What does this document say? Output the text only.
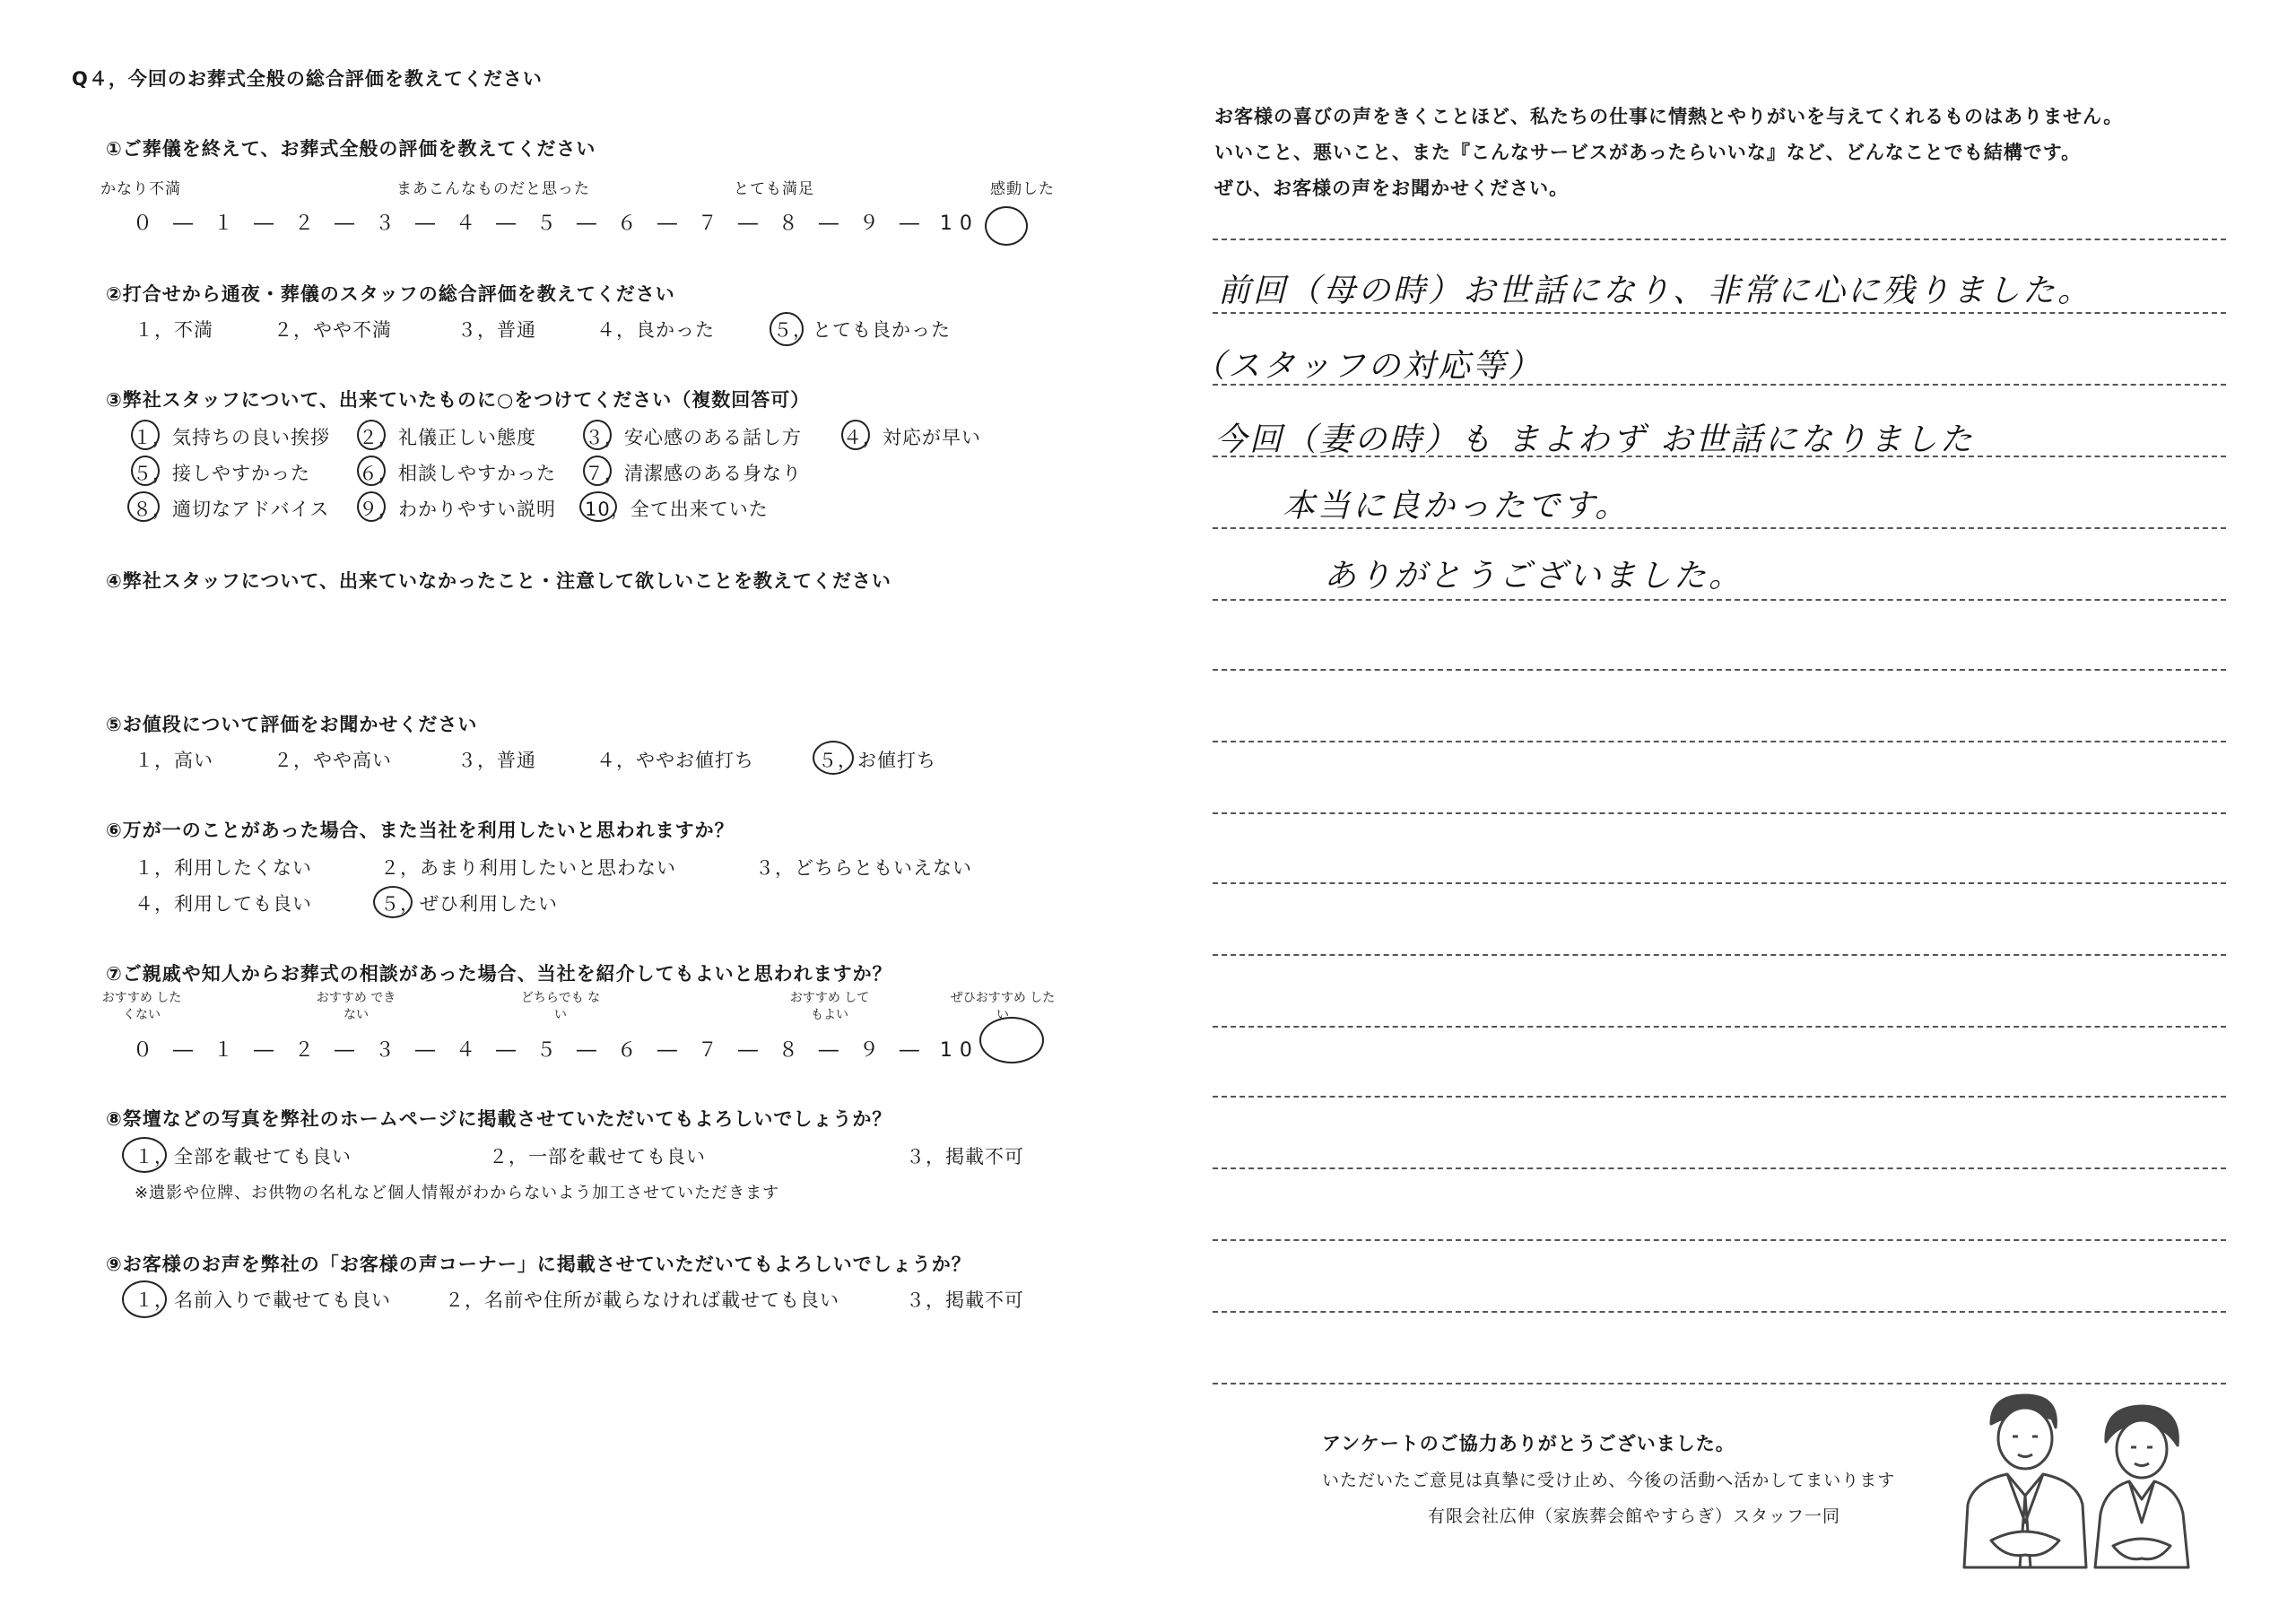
Q４，今回のお葬式全般の総合評価を教えてください
①ご葬儀を終えて、お葬式全般の評価を教えてください
かなり不満	まあこんなものだと思った	とても満足	感動した
０ ― １ ― ２ ― ３ ― ４ ― ５ ― ６ ― ７ ― ８ ― ９ ― 10
②打合せから通夜・葬儀のスタッフの総合評価を教えてください
１，不満	２，やや不満	３，普通	４，良かった	５，とても良かった
③弊社スタッフについて、出来ていたものに○をつけてください（複数回答可）
１，気持ちの良い挨拶 ２，礼儀正しい態度	３，安心感のある話し方 ４，対応が早い
５，接しやすかった	６，相談しやすかった ７，清潔感のある身なり
８，適切なアドバイス ９，わかりやすい説明 10，全て出来ていた
④弊社スタッフについて、出来ていなかったこと・注意して欲しいことを教えてください
⑤お値段について評価をお聞かせください
１，高い	２，やや高い	３，普通	４，ややお値打ち	５，お値打ち
⑥万が一のことがあった場合、また当社を利用したいと思われますか？
１，利用したくない	２，あまり利用したいと思わない	３，どちらともいえない
４，利用しても良い	５，ぜひ利用したい
⑦ご親戚や知人からお葬式の相談があった場合、当社を紹介してもよいと思われますか？
おすすめ したくない
おすすめ できない
どちらでも ない
おすすめ してもよい
ぜひおすすめ したい
０ ― １ ― ２ ― ３ ― ４ ― ５ ― ６ ― ７ ― ８ ― ９ ― 10
⑧祭壇などの写真を弊社のホームページに掲載させていただいてもよろしいでしょうか？
１，全部を載せても良い	２，一部を載せても良い	３，掲載不可
※遺影や位牌、お供物の名札など個人情報がわからないよう加工させていただきます
⑨お客様のお声を弊社の「お客様の声コーナー」に掲載させていただいてもよろしいでしょうか？
１，名前入りで載せても良い	２，名前や住所が載らなければ載せても良い	３，掲載不可
お客様の喜びの声をきくことほど、私たちの仕事に情熱とやりがいを与えてくれるものはありません。
いいこと、悪いこと、また『こんなサービスがあったらいいな』など、どんなことでも結構です。
ぜひ、お客様の声をお聞かせください。
前回（母の時）お世話になり、非常に心に残りました。
（スタッフの対応等）
今回（妻の時）も まよわず お世話になりました
本当に良かったです。
ありがとうございました。
アンケートのご協力ありがとうございました。
いただいたご意見は真摯に受け止め、今後の活動へ活かしてまいります
有限会社広伸（家族葬会館やすらぎ）スタッフ一同
